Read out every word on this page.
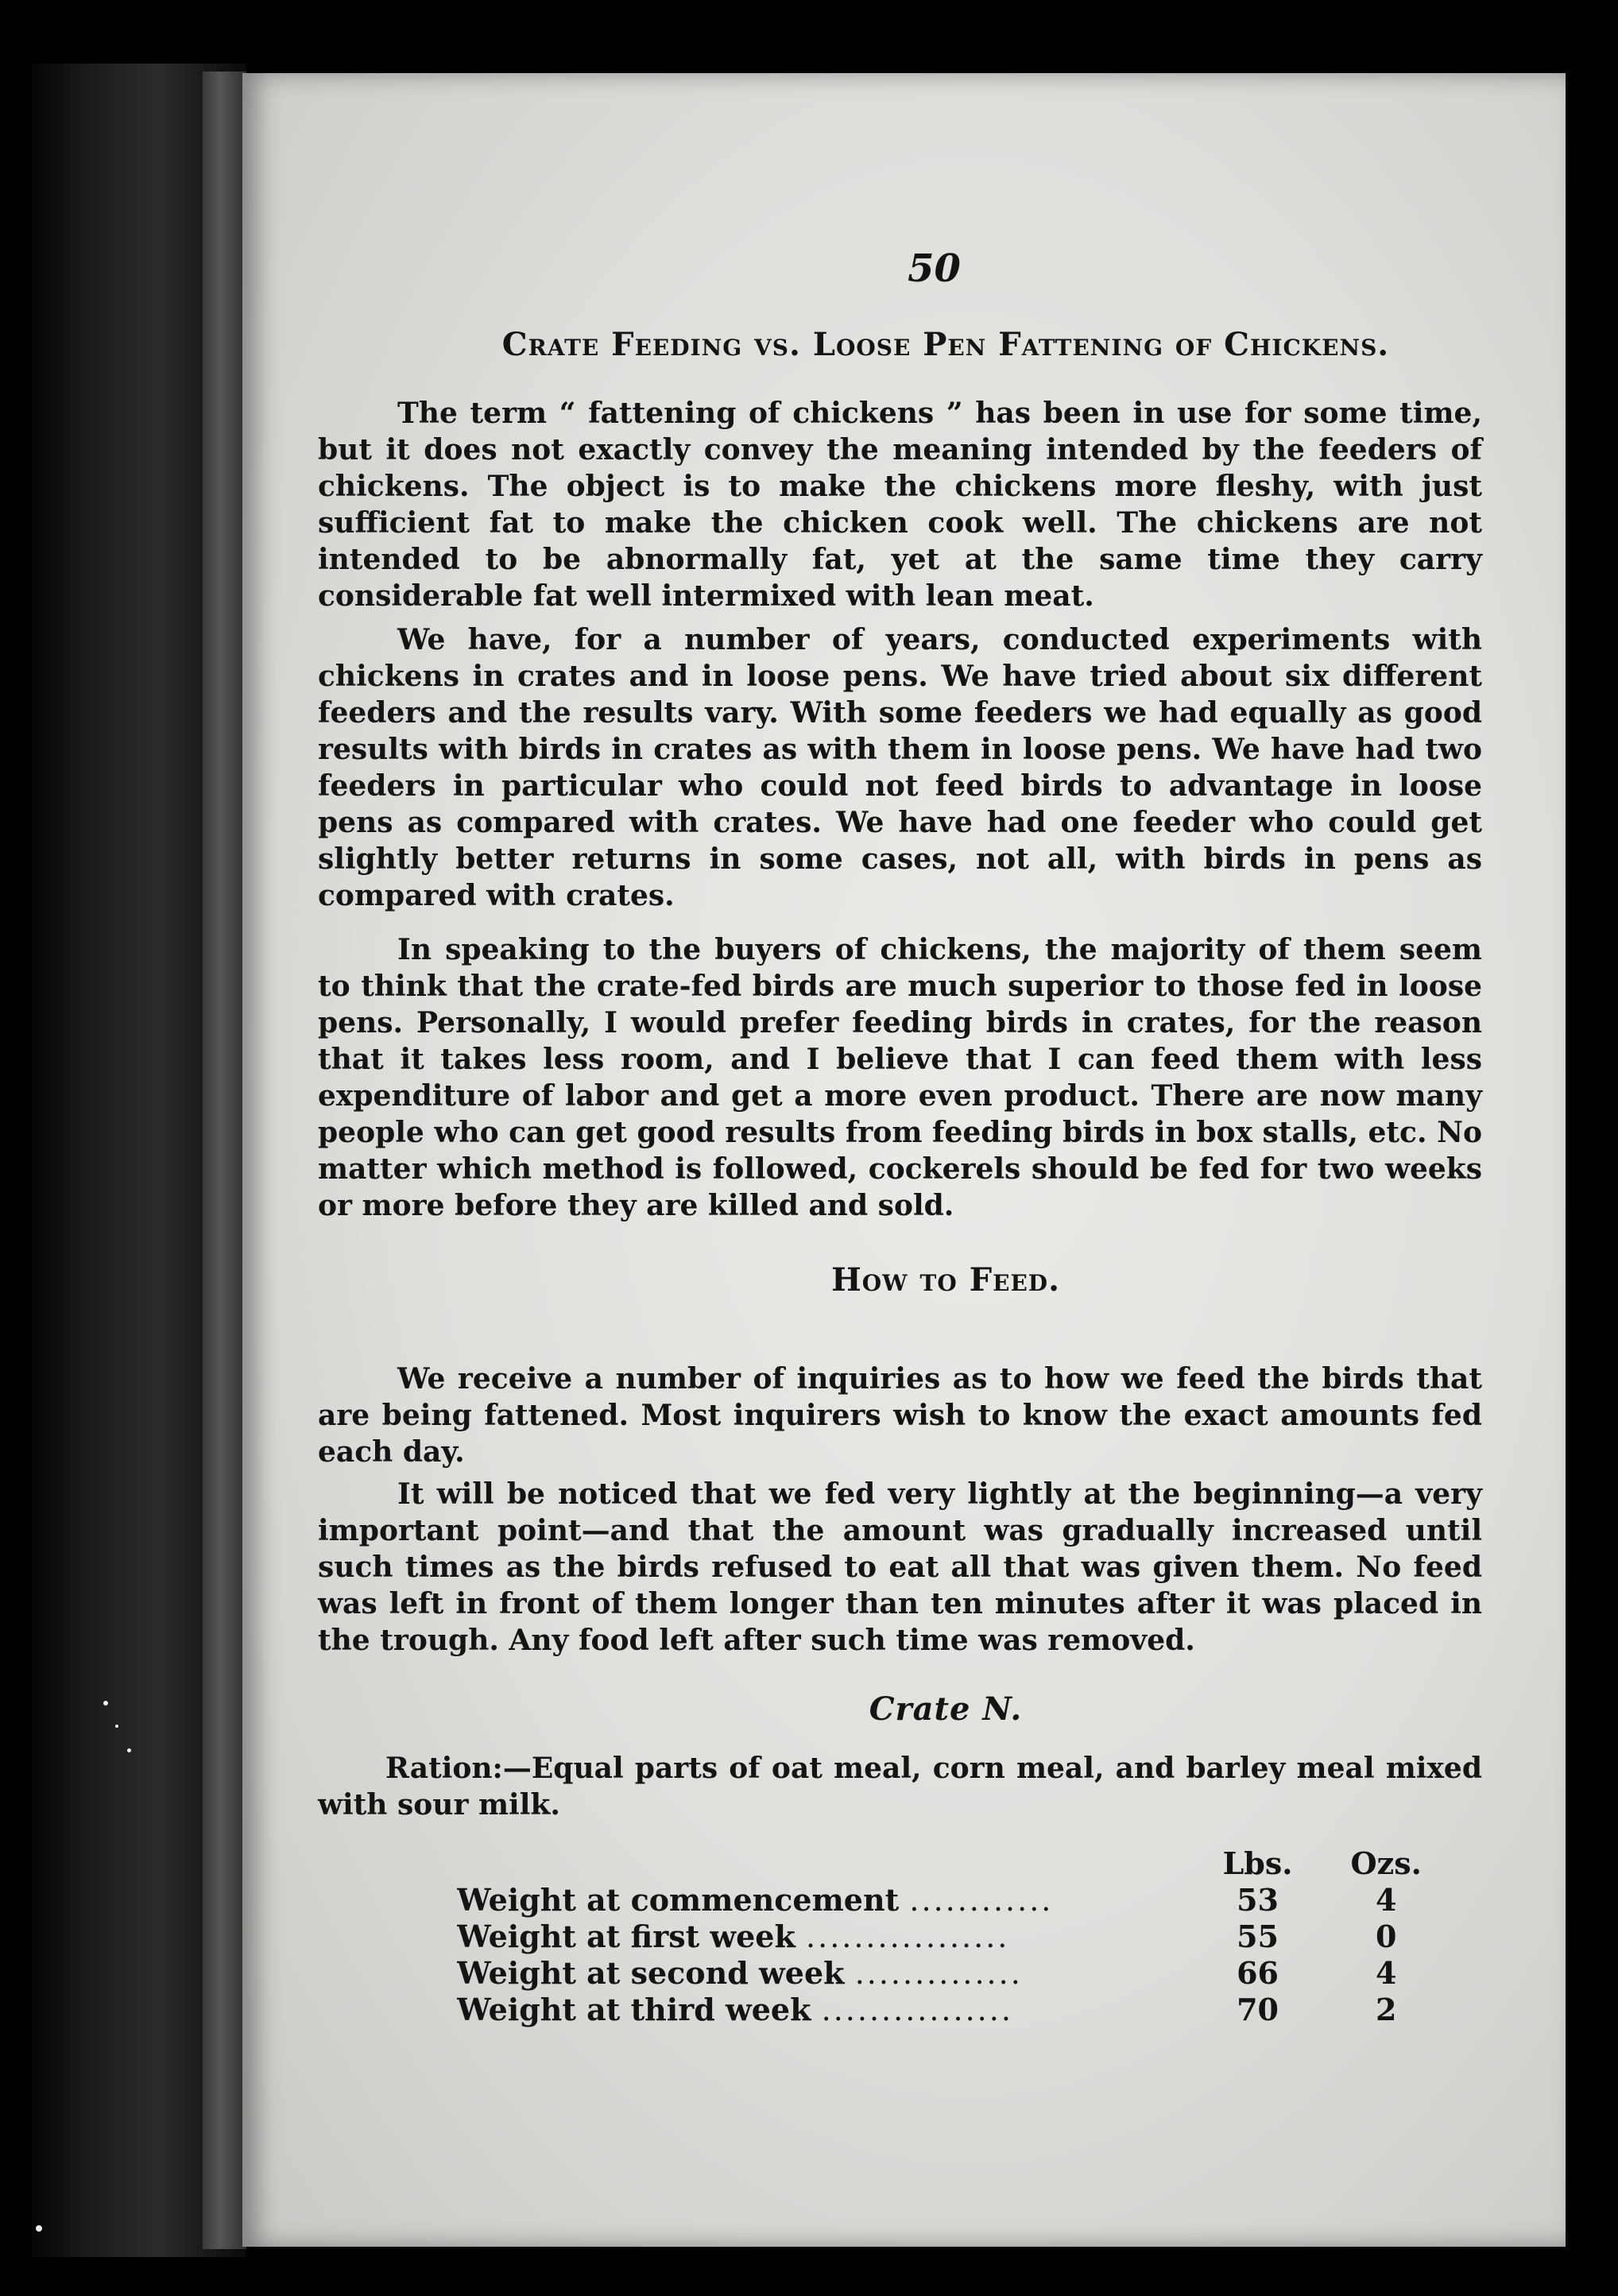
50
Crate Feeding vs. Loose Pen Fattening of Chickens.

The term “ fattening of chickens ” has been in use for some time, but it does not exactly convey the meaning intended by the feeders of chickens. The object is to make the chickens more fleshy, with just sufficient fat to make the chicken cook well. The chickens are not intended to be abnormally fat, yet at the same time they carry considerable fat well intermixed with lean meat.

We have, for a number of years, conducted experiments with chickens in crates and in loose pens. We have tried about six different feeders and the results vary. With some feeders we had equally as good results with birds in crates as with them in loose pens. We have had two feeders in particular who could not feed birds to advantage in loose pens as compared with crates. We have had one feeder who could get slightly better returns in some cases, not all, with birds in pens as compared with crates.

In speaking to the buyers of chickens, the majority of them seem to think that the crate-fed birds are much superior to those fed in loose pens. Personally, I would prefer feeding birds in crates, for the reason that it takes less room, and I believe that I can feed them with less expenditure of labor and get a more even product. There are now many people who can get good results from feeding birds in box stalls, etc. No matter which method is followed, cockerels should be fed for two weeks or more before they are killed and sold.

How to Feed.

We receive a number of inquiries as to how we feed the birds that are being fattened. Most inquirers wish to know the exact amounts fed each day.

It will be noticed that we fed very lightly at the beginning—a very important point—and that the amount was gradually increased until such times as the birds refused to eat all that was given them. No feed was left in front of them longer than ten minutes after it was placed in the trough. Any food left after such time was removed.

Crate N.

Ration:—Equal parts of oat meal, corn meal, and barley meal mixed with sour milk.

	Lbs.	Ozs.
Weight at commencement ............	53	4
Weight at first week .................	55	0
Weight at second week ..............	66	4
Weight at third week ................	70	2
